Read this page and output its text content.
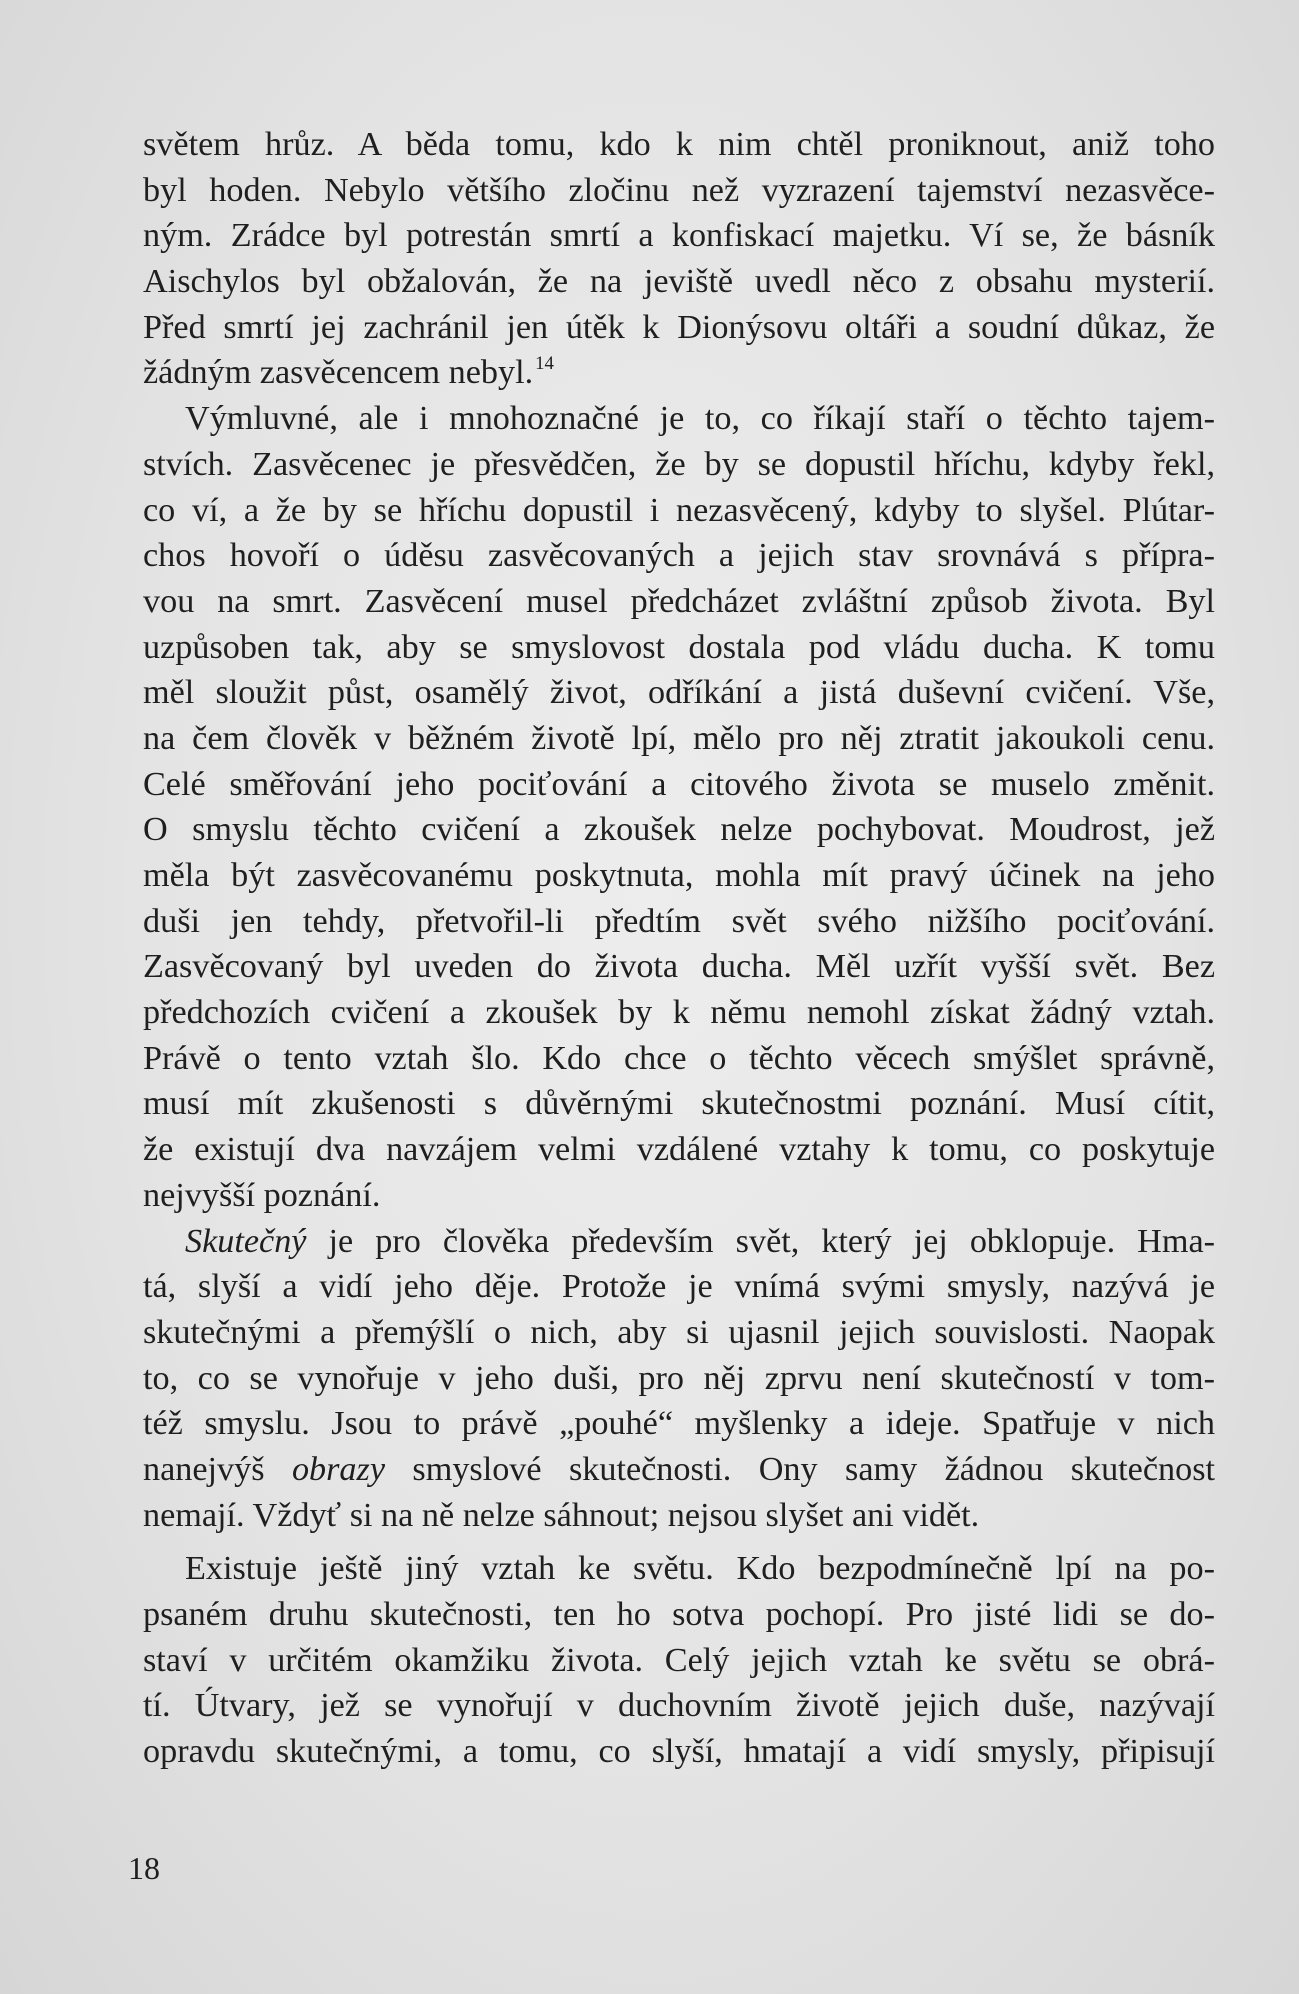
světem hrůz. A běda tomu, kdo k nim chtěl proniknout, aniž toho
byl hoden. Nebylo většího zločinu než vyzrazení tajemství nezasvěce-
ným. Zrádce byl potrestán smrtí a konfiskací majetku. Ví se, že básník
Aischylos byl obžalován, že na jeviště uvedl něco z obsahu mysterií.
Před smrtí jej zachránil jen útěk k Dionýsovu oltáři a soudní důkaz, že
žádným zasvěcencem nebyl. $^{14}$
Výmluvné, ale i mnohoznačné je to, co říkají staří o těchto tajem-
stvích. Zasvěcenec je přesvědčen, že by se dopustil hříchu, kdyby řekl,
co ví, a že by se hříchu dopustil i nezasvěcený, kdyby to slyšel. Plútar-
chos hovoří o úděsu zasvěcovaných a jejich stav srovnává s přípra-
vou na smrt. Zasvěcení musel předcházet zvláštní způsob života. Byl
uzpůsoben tak, aby se smyslovost dostala pod vládu ducha. K tomu
měl sloužit půst, osamělý život, odříkání a jistá duševní cvičení. Vše,
na čem člověk v běžném životě lpí, mělo pro něj ztratit jakoukoli cenu.
Celé směřování jeho pociťování a citového života se muselo změnit.
O smyslu těchto cvičení a zkoušek nelze pochybovat. Moudrost, jež
měla být zasvěcovanému poskytnuta, mohla mít pravý účinek na jeho
duši jen tehdy, přetvořil-li předtím svět svého nižšího pociťování.
Zasvěcovaný byl uveden do života ducha. Měl uzřít vyšší svět. Bez
předchozích cvičení a zkoušek by k němu nemohl získat žádný vztah.
Právě o tento vztah šlo. Kdo chce o těchto věcech smýšlet správně,
musí mít zkušenosti s důvěrnými skutečnostmi poznání. Musí cítit,
že existují dva navzájem velmi vzdálené vztahy k tomu, co poskytuje
nejvyšší poznání.
Skutečný je pro člověka především svět, který jej obklopuje. Hma-
tá, slyší a vidí jeho děje. Protože je vnímá svými smysly, nazývá je
skutečnými a přemýšlí o nich, aby si ujasnil jejich souvislosti. Naopak
to, co se vynořuje v jeho duši, pro něj zprvu není skutečností v tom-
též smyslu. Jsou to právě „pouhé“ myšlenky a ideje. Spatřuje v nich
nanejvýš obrazy smyslové skutečnosti. Ony samy žádnou skutečnost
nemají. Vždyť si na ně nelze sáhnout; nejsou slyšet ani vidět.
Existuje ještě jiný vztah ke světu. Kdo bezpodmínečně lpí na po-
psaném druhu skutečnosti, ten ho sotva pochopí. Pro jisté lidi se do-
staví v určitém okamžiku života. Celý jejich vztah ke světu se obrá-
tí. Útvary, jež se vynořují v duchovním životě jejich duše, nazývají
opravdu skutečnými, a tomu, co slyší, hmatají a vidí smysly, připisují
18
